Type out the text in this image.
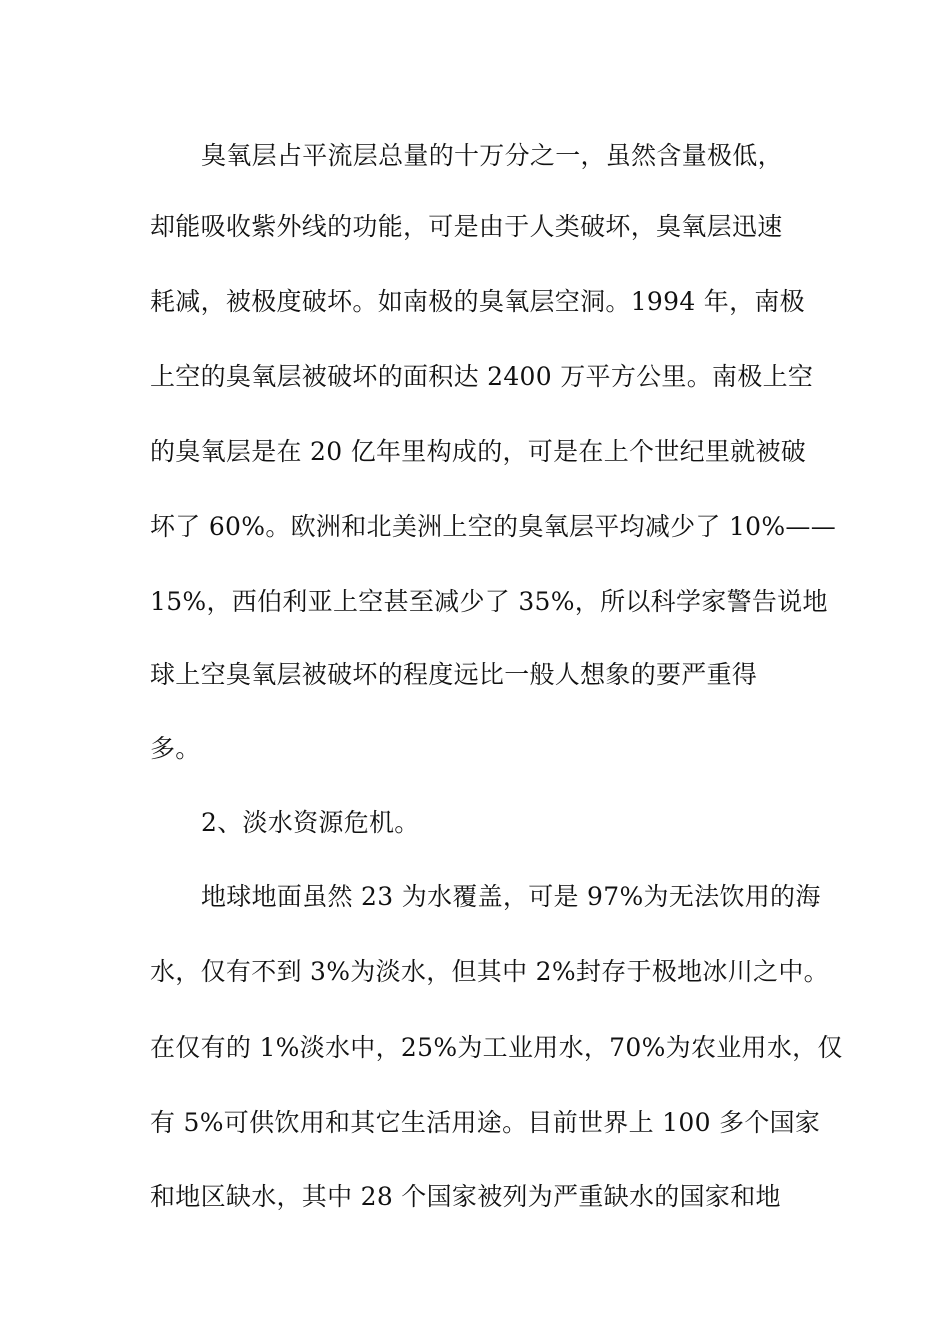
臭氧层占平流层总量的十万分之一，虽然含量极低，
却能吸收紫外线的功能，可是由于人类破坏，臭氧层迅速
耗减，被极度破坏。如南极的臭氧层空洞。1994 年，南极
上空的臭氧层被破坏的面积达 2400 万平方公里。南极上空
的臭氧层是在 20 亿年里构成的，可是在上个世纪里就被破
坏了 60%。欧洲和北美洲上空的臭氧层平均减少了 10%——
15%，西伯利亚上空甚至减少了 35%，所以科学家警告说地
球上空臭氧层被破坏的程度远比一般人想象的要严重得
多。
2、淡水资源危机。
地球地面虽然 23 为水覆盖，可是 97%为无法饮用的海
水，仅有不到 3%为淡水，但其中 2%封存于极地冰川之中。
在仅有的 1%淡水中，25%为工业用水，70%为农业用水，仅
有 5%可供饮用和其它生活用途。目前世界上 100 多个国家
和地区缺水，其中 28 个国家被列为严重缺水的国家和地
